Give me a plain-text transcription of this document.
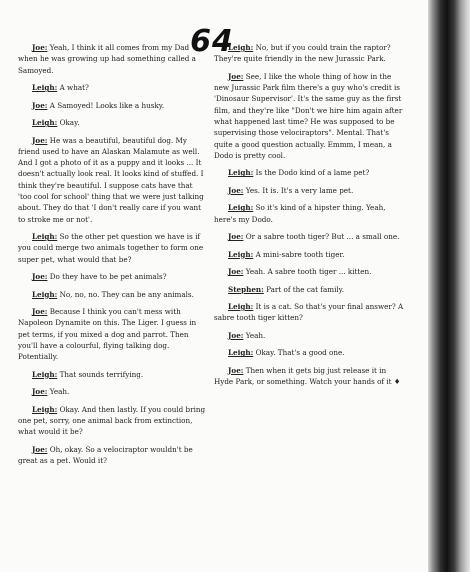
64

Joe: Yeah, I think it all comes from my Dad when he was growing up had something called a Samoyed.

Leigh: A what?

Joe: A Samoyed! Looks like a husky.

Leigh: Okay.

Joe: He was a beautiful, beautiful dog. My friend used to have an Alaskan Malamute as well. And I got a photo of it as a puppy and it looks ... It doesn't actually look real. It looks kind of stuffed. I think they're beautiful. I suppose cats have that 'too cool for school' thing that we were just talking about. They do that 'I don't really care if you want to stroke me or not'.

Leigh: So the other pet question we have is if you could merge two animals together to form one super pet, what would that be?

Joe: Do they have to be pet animals?

Leigh: No, no, no. They can be any animals.

Joe: Because I think you can't mess with Napoleon Dynamite on this. The Liger. I guess in pet terms, if you mixed a dog and parrot. Then you'll have a colourful, flying talking dog. Potentially.

Leigh: That sounds terrifying.

Joe: Yeah.

Leigh: Okay. And then lastly. If you could bring one pet, sorry, one animal back from extinction, what would it be?

Joe: Oh, okay. So a velociraptor wouldn't be great as a pet. Would it?

Leigh: No, but if you could train the raptor? They're quite friendly in the new Jurassic Park.

Joe: See, I like the whole thing of how in the new Jurassic Park film there's a guy who's credit is 'Dinosaur Supervisor'. It's the same guy as the first film, and they're like "Don't we hire him again after what happened last time? He was supposed to be supervising those velociraptors". Mental. That's quite a good question actually. Emmm, I mean, a Dodo is pretty cool.

Leigh: Is the Dodo kind of a lame pet?

Joe: Yes. It is. It's a very lame pet.

Leigh: So it's kind of a hipster thing. Yeah, here's my Dodo.

Joe: Or a sabre tooth tiger? But ... a small one.

Leigh: A mini-sabre tooth tiger.

Joe: Yeah. A sabre tooth tiger ... kitten.

Stephen: Part of the cat family.

Leigh: It is a cat. So that's your final answer? A sabre tooth tiger kitten?

Joe: Yeah.

Leigh: Okay. That's a good one.

Joe: Then when it gets big just release it in Hyde Park, or something. Watch your hands of it ♦
